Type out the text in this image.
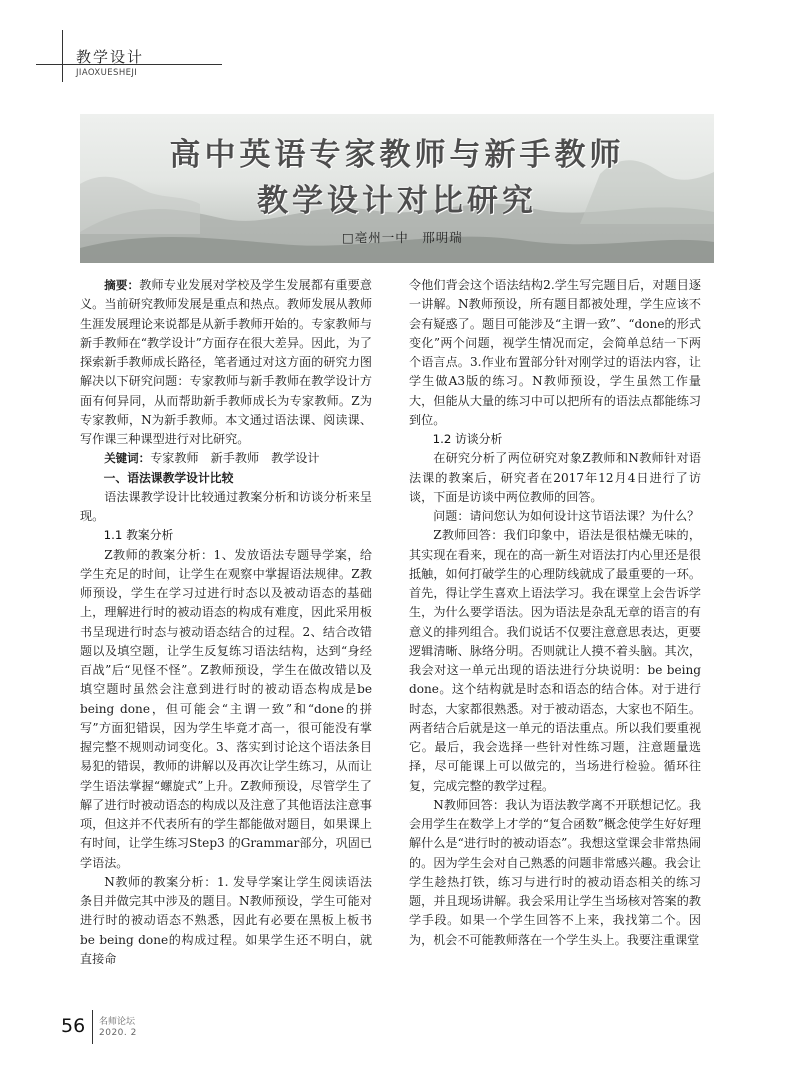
教学设计
JIAOXUESHEJI
高中英语专家教师与新手教师
教学设计对比研究
□亳州一中　邢明瑞

摘要：教师专业发展对学校及学生发展都有重要意义。当前研究教师发展是重点和热点。教师发展从教师生涯发展理论来说都是从新手教师开始的。专家教师与新手教师在“教学设计”方面存在很大差异。因此，为了探索新手教师成长路径，笔者通过对这方面的研究力图解决以下研究问题：专家教师与新手教师在教学设计方面有何异同，从而帮助新手教师成长为专家教师。Z为专家教师，N为新手教师。本文通过语法课、阅读课、写作课三种课型进行对比研究。

关键词：专家教师　新手教师　教学设计

一、语法课教学设计比较

语法课教学设计比较通过教案分析和访谈分析来呈现。

1.1 教案分析

Z教师的教案分析：1、发放语法专题导学案，给学生充足的时间，让学生在观察中掌握语法规律。Z教师预设，学生在学习过进行时态以及被动语态的基础上，理解进行时的被动语态的构成有难度，因此采用板书呈现进行时态与被动语态结合的过程。2、结合改错题以及填空题，让学生反复练习语法结构，达到“身经百战”后“见怪不怪”。Z教师预设，学生在做改错以及填空题时虽然会注意到进行时的被动语态构成是be being done，但可能会“主谓一致”和“done的拼写”方面犯错误，因为学生毕竟才高一，很可能没有掌握完整不规则动词变化。3、落实到讨论这个语法条目易犯的错误，教师的讲解以及再次让学生练习，从而让学生语法掌握“螺旋式”上升。Z教师预设，尽管学生了解了进行时被动语态的构成以及注意了其他语法注意事项，但这并不代表所有的学生都能做对题目，如果课上有时间，让学生练习Step3 的Grammar部分，巩固已学语法。

N教师的教案分析：1. 发导学案让学生阅读语法条目并做完其中涉及的题目。N教师预设，学生可能对进行时的被动语态不熟悉，因此有必要在黑板上板书be being done的构成过程。如果学生还不明白，就直接命

令他们背会这个语法结构2.学生写完题目后，对题目逐一讲解。N教师预设，所有题目都被处理，学生应该不会有疑惑了。题目可能涉及“主谓一致”、“done的形式变化”两个问题，视学生情况而定，会简单总结一下两个语言点。3.作业布置部分针对刚学过的语法内容，让学生做A3版的练习。N教师预设，学生虽然工作量大，但能从大量的练习中可以把所有的语法点都能练习到位。

1.2 访谈分析

在研究分析了两位研究对象Z教师和N教师针对语法课的教案后，研究者在2017年12月4日进行了访谈，下面是访谈中两位教师的回答。

问题：请问您认为如何设计这节语法课？为什么？

Z教师回答：我们印象中，语法是很枯燥无味的，其实现在看来，现在的高一新生对语法打内心里还是很抵触，如何打破学生的心理防线就成了最重要的一环。首先，得让学生喜欢上语法学习。我在课堂上会告诉学生，为什么要学语法。因为语法是杂乱无章的语言的有意义的排列组合。我们说话不仅要注意意思表达，更要逻辑清晰、脉络分明。否则就让人摸不着头脑。其次，我会对这一单元出现的语法进行分块说明：be being done。这个结构就是时态和语态的结合体。对于进行时态，大家都很熟悉。对于被动语态，大家也不陌生。两者结合后就是这一单元的语法重点。所以我们要重视它。最后，我会选择一些针对性练习题，注意题量选择，尽可能课上可以做完的，当场进行检验。循环往复，完成完整的教学过程。

N教师回答：我认为语法教学离不开联想记忆。我会用学生在数学上才学的“复合函数”概念使学生好好理解什么是“进行时的被动语态”。我想这堂课会非常热闹的。因为学生会对自己熟悉的问题非常感兴趣。我会让学生趁热打铁，练习与进行时的被动语态相关的练习题，并且现场讲解。我会采用让学生当场核对答案的教学手段。如果一个学生回答不上来，我找第二个。因为，机会不可能教师落在一个学生头上。我要注重课堂

56 名师论坛
2020. 2
